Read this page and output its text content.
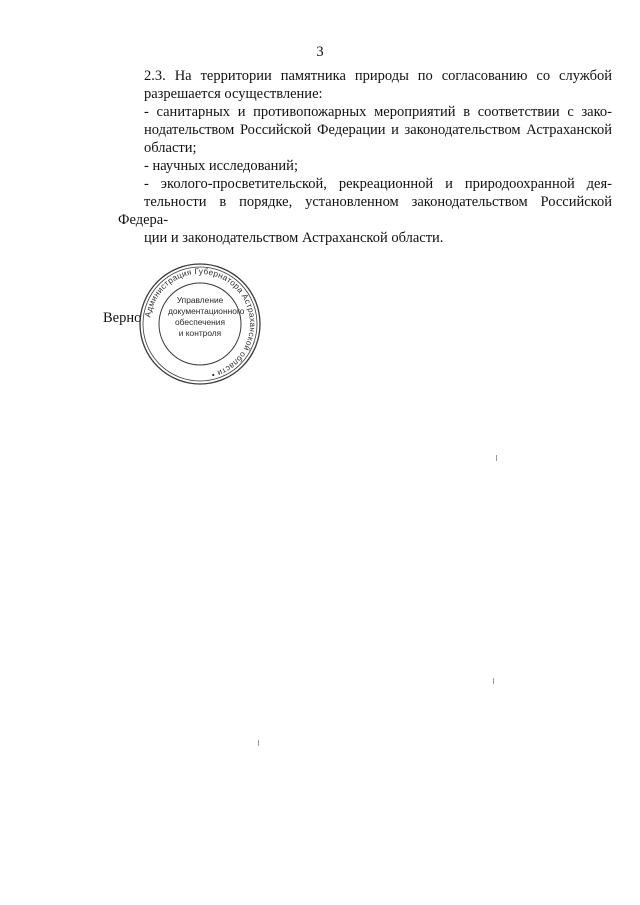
3

2.3. На территории памятника природы по согласованию со службой
разрешается осуществление:

- санитарных и противопожарных мероприятий в соответствии с зако-
нодательством Российской Федерации и законодательством Астраханской
области;

- научных исследований;

- эколого-просветительской, рекреационной и природоохранной дея-
тельности в порядке, установленном законодательством Российской Федера-
ции и законодательством Астраханской области.

Верно Администрация Губернатора Астраханской области •
Управление
документационного
обеспечения
и контроля
